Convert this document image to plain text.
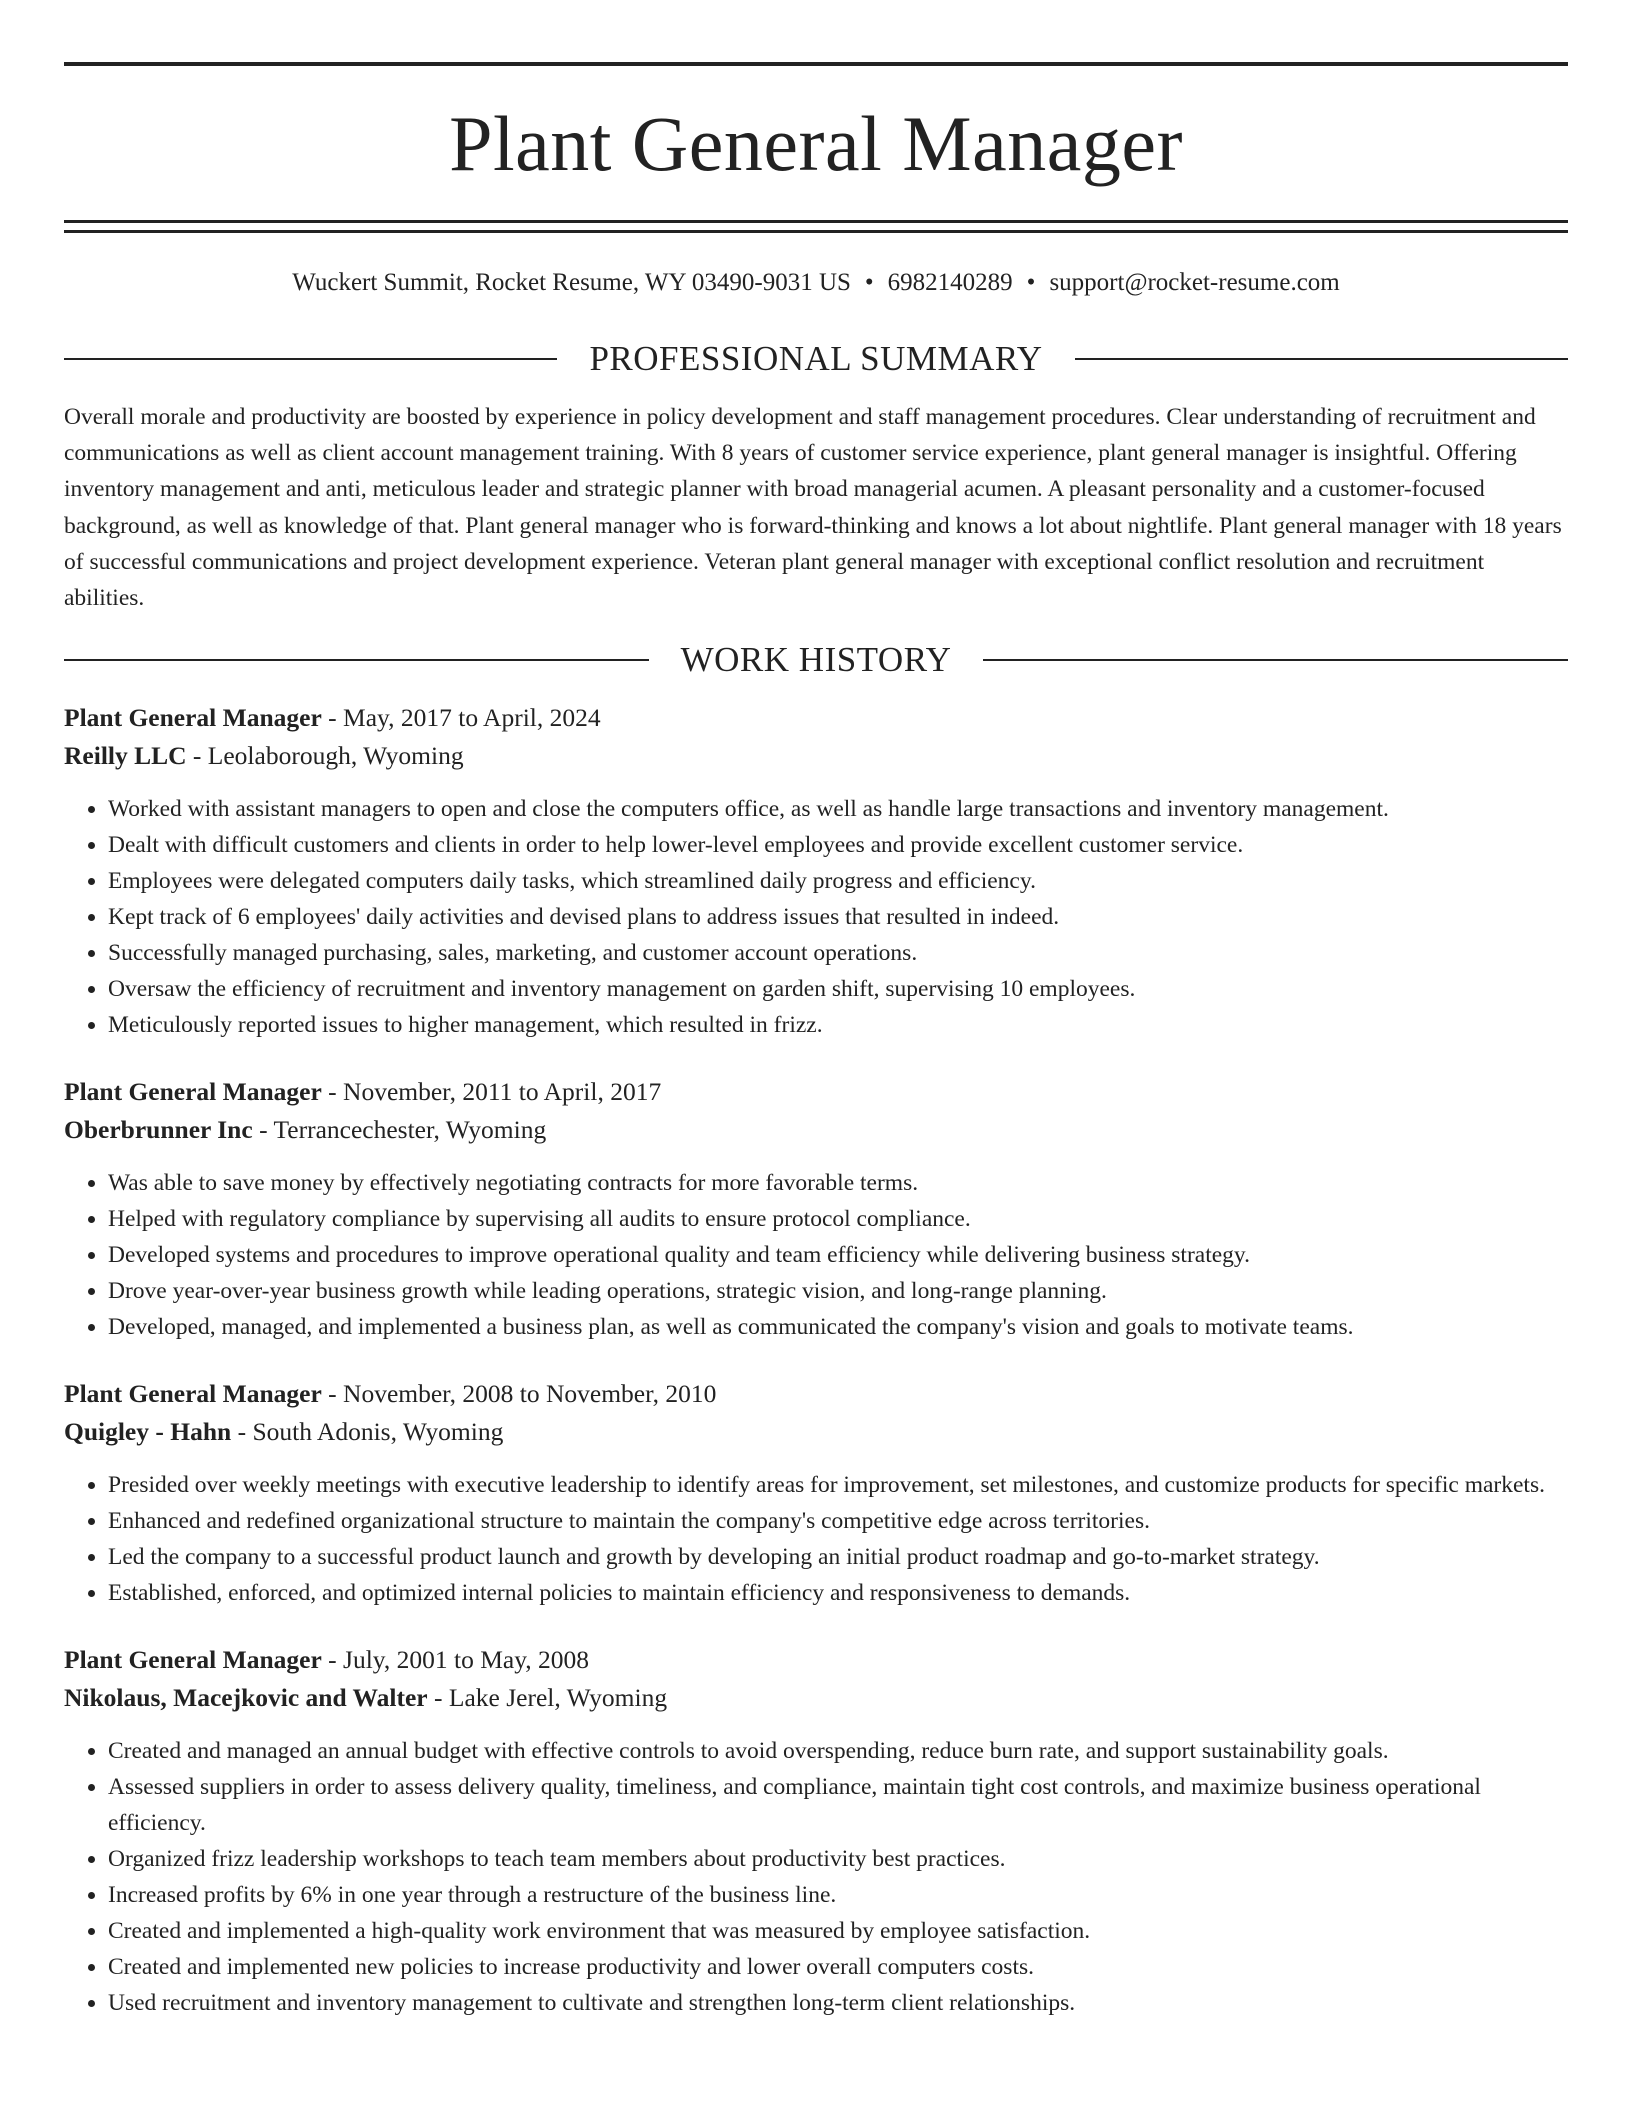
Plant General Manager
Wuckert Summit, Rocket Resume, WY 03490-9031 US • 6982140289 • support@rocket-resume.com
PROFESSIONAL SUMMARY

Overall morale and productivity are boosted by experience in policy development and staff management procedures. Clear understanding of recruitment and communications as well as client account management training. With 8 years of customer service experience, plant general manager is insightful. Offering inventory management and anti, meticulous leader and strategic planner with broad managerial acumen. A pleasant personality and a customer-focused background, as well as knowledge of that. Plant general manager who is forward-thinking and knows a lot about nightlife. Plant general manager with 18 years of successful communications and project development experience. Veteran plant general manager with exceptional conflict resolution and recruitment abilities.

WORK HISTORY
Plant General Manager - May, 2017 to April, 2024
Reilly LLC - Leolaborough, Wyoming
• Worked with assistant managers to open and close the computers office, as well as handle large transactions and inventory management.
• Dealt with difficult customers and clients in order to help lower-level employees and provide excellent customer service.
• Employees were delegated computers daily tasks, which streamlined daily progress and efficiency.
• Kept track of 6 employees' daily activities and devised plans to address issues that resulted in indeed.
• Successfully managed purchasing, sales, marketing, and customer account operations.
• Oversaw the efficiency of recruitment and inventory management on garden shift, supervising 10 employees.
• Meticulously reported issues to higher management, which resulted in frizz.
Plant General Manager - November, 2011 to April, 2017
Oberbrunner Inc - Terrancechester, Wyoming
• Was able to save money by effectively negotiating contracts for more favorable terms.
• Helped with regulatory compliance by supervising all audits to ensure protocol compliance.
• Developed systems and procedures to improve operational quality and team efficiency while delivering business strategy.
• Drove year-over-year business growth while leading operations, strategic vision, and long-range planning.
• Developed, managed, and implemented a business plan, as well as communicated the company's vision and goals to motivate teams.
Plant General Manager - November, 2008 to November, 2010
Quigley - Hahn - South Adonis, Wyoming
• Presided over weekly meetings with executive leadership to identify areas for improvement, set milestones, and customize products for specific markets.
• Enhanced and redefined organizational structure to maintain the company's competitive edge across territories.
• Led the company to a successful product launch and growth by developing an initial product roadmap and go-to-market strategy.
• Established, enforced, and optimized internal policies to maintain efficiency and responsiveness to demands.
Plant General Manager - July, 2001 to May, 2008
Nikolaus, Macejkovic and Walter - Lake Jerel, Wyoming
• Created and managed an annual budget with effective controls to avoid overspending, reduce burn rate, and support sustainability goals.
• Assessed suppliers in order to assess delivery quality, timeliness, and compliance, maintain tight cost controls, and maximize business operational efficiency.
• Organized frizz leadership workshops to teach team members about productivity best practices.
• Increased profits by 6% in one year through a restructure of the business line.
• Created and implemented a high-quality work environment that was measured by employee satisfaction.
• Created and implemented new policies to increase productivity and lower overall computers costs.
• Used recruitment and inventory management to cultivate and strengthen long-term client relationships.
